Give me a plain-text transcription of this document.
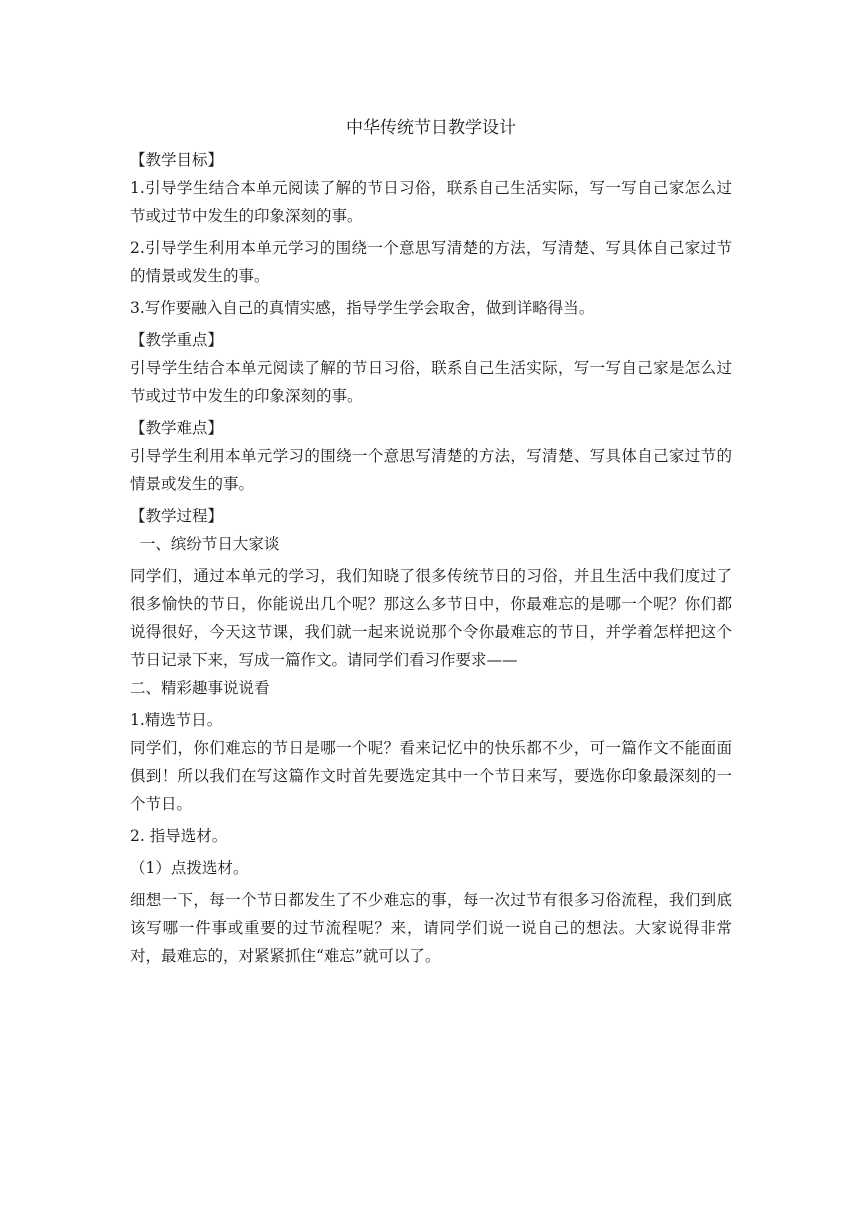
中华传统节日教学设计
【教学目标】
1.引导学生结合本单元阅读了解的节日习俗，联系自己生活实际，写一写自己家怎么过节或过节中发生的印象深刻的事。
2.引导学生利用本单元学习的围绕一个意思写清楚的方法，写清楚、写具体自己家过节的情景或发生的事。
3.写作要融入自己的真情实感，指导学生学会取舍，做到详略得当。
【教学重点】
引导学生结合本单元阅读了解的节日习俗，联系自己生活实际，写一写自己家是怎么过节或过节中发生的印象深刻的事。
【教学难点】
引导学生利用本单元学习的围绕一个意思写清楚的方法，写清楚、写具体自己家过节的情景或发生的事。
【教学过程】
一、缤纷节日大家谈
同学们，通过本单元的学习，我们知晓了很多传统节日的习俗，并且生活中我们度过了很多愉快的节日，你能说出几个呢？那这么多节日中，你最难忘的是哪一个呢？你们都说得很好，今天这节课，我们就一起来说说那个令你最难忘的节日，并学着怎样把这个节日记录下来，写成一篇作文。请同学们看习作要求——
二、精彩趣事说说看
1.精选节日。
同学们，你们难忘的节日是哪一个呢？看来记忆中的快乐都不少，可一篇作文不能面面俱到！所以我们在写这篇作文时首先要选定其中一个节日来写，要选你印象最深刻的一个节日。
2. 指导选材。
（1）点拨选材。
细想一下，每一个节日都发生了不少难忘的事，每一次过节有很多习俗流程，我们到底该写哪一件事或重要的过节流程呢？来，请同学们说一说自己的想法。大家说得非常对，最难忘的，对紧紧抓住“难忘”就可以了。
